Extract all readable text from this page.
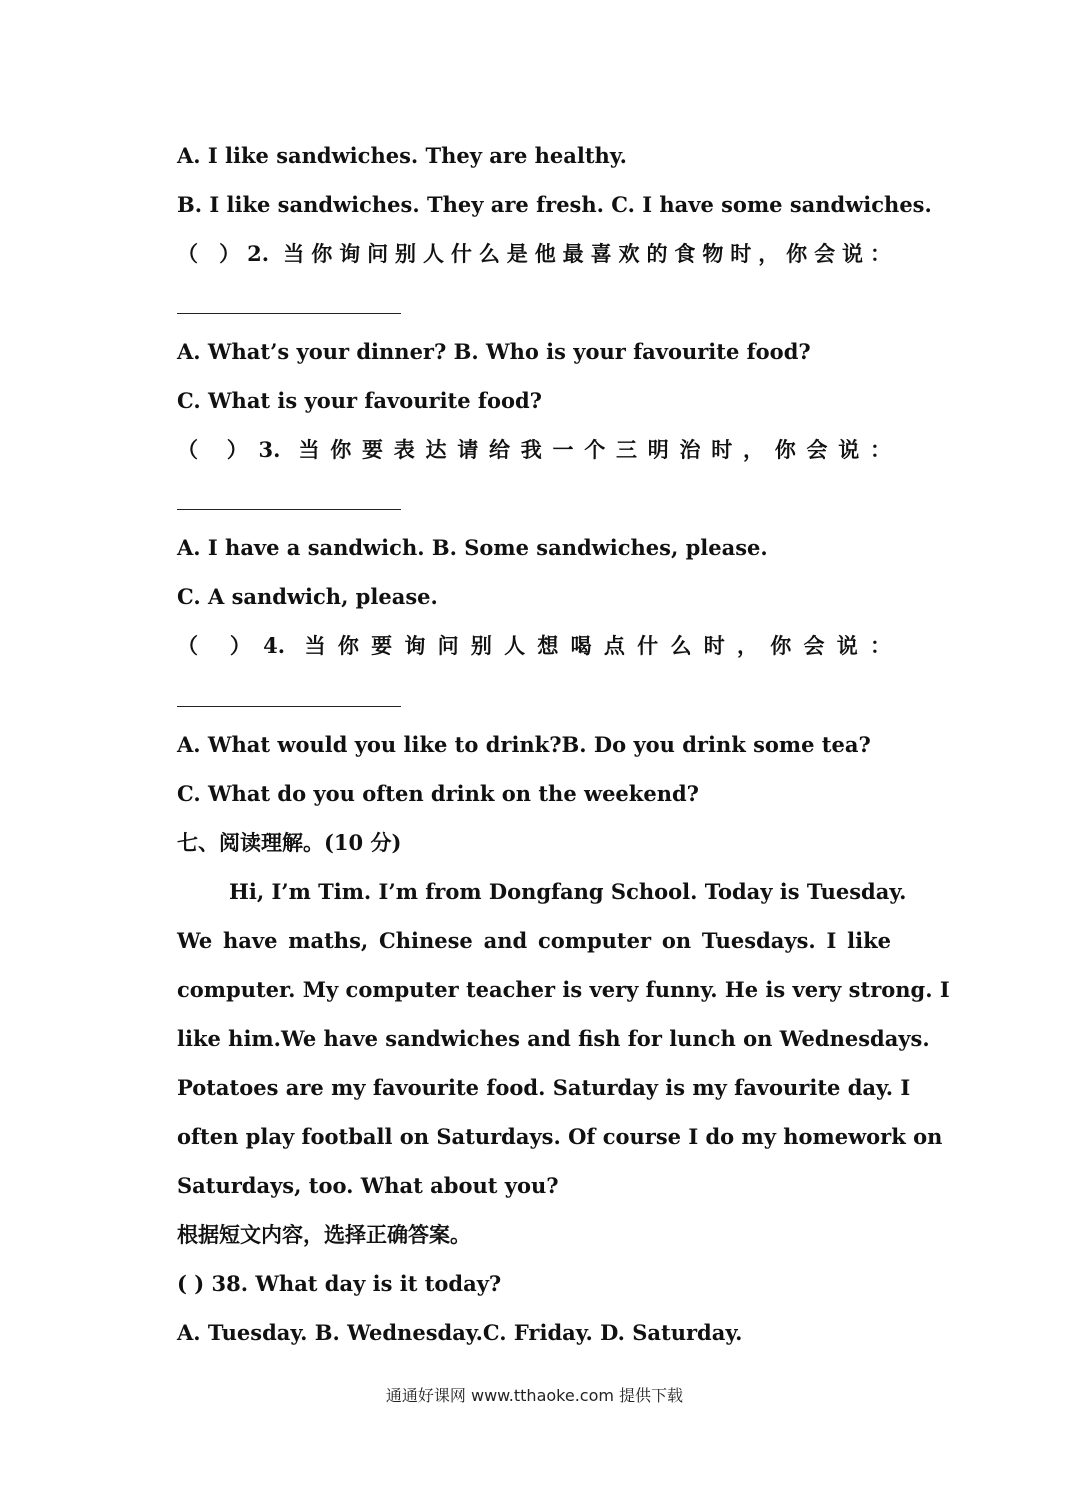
A. I like sandwiches. They are healthy.
B. I like sandwiches. They are fresh. C. I have some sandwiches.
（ ）2. 当你询问别人什么是他最喜欢的食物时，你会说：
A. What’s your dinner? B. Who is your favourite food?
C. What is your favourite food?
（ ）3. 当你要表达请给我一个三明治时，你会说：
A. I have a sandwich. B. Some sandwiches, please.
C. A sandwich, please.
（ ）4. 当你要询问别人想喝点什么时，你会说：
A. What would you like to drink?B. Do you drink some tea?
C. What do you often drink on the weekend?
七、阅读理解。(10 分)
Hi, I’m Tim. I’m from Dongfang School. Today is Tuesday.
We have maths, Chinese and computer on Tuesdays. I like
computer. My computer teacher is very funny. He is very strong. I
like him.We have sandwiches and fish for lunch on Wednesdays.
Potatoes are my favourite food. Saturday is my favourite day. I
often play football on Saturdays. Of course I do my homework on
Saturdays, too. What about you?
根据短文内容，选择正确答案。
( ) 38. What day is it today?
A. Tuesday. B. Wednesday.C. Friday. D. Saturday.
通通好课网 www.tthaoke.com 提供下载
